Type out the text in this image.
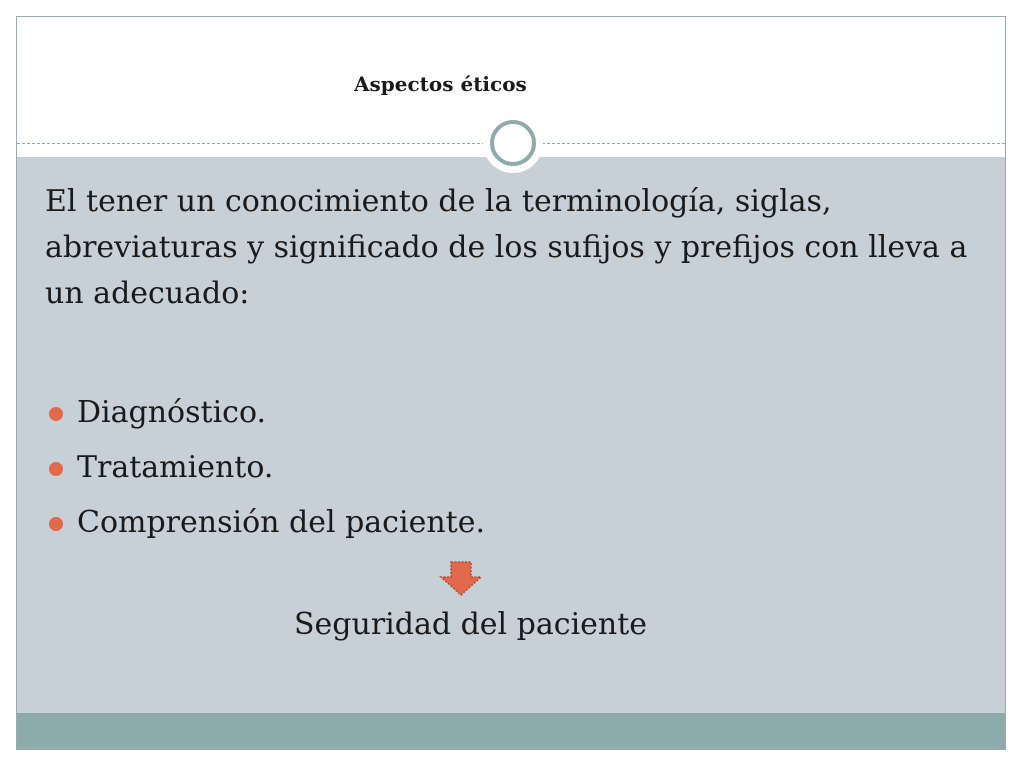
Aspectos éticos
El tener un conocimiento de la terminología, siglas, abreviaturas y significado de los sufijos y prefijos con lleva a un adecuado:
Diagnóstico.
Tratamiento.
Comprensión del paciente.
Seguridad del paciente
